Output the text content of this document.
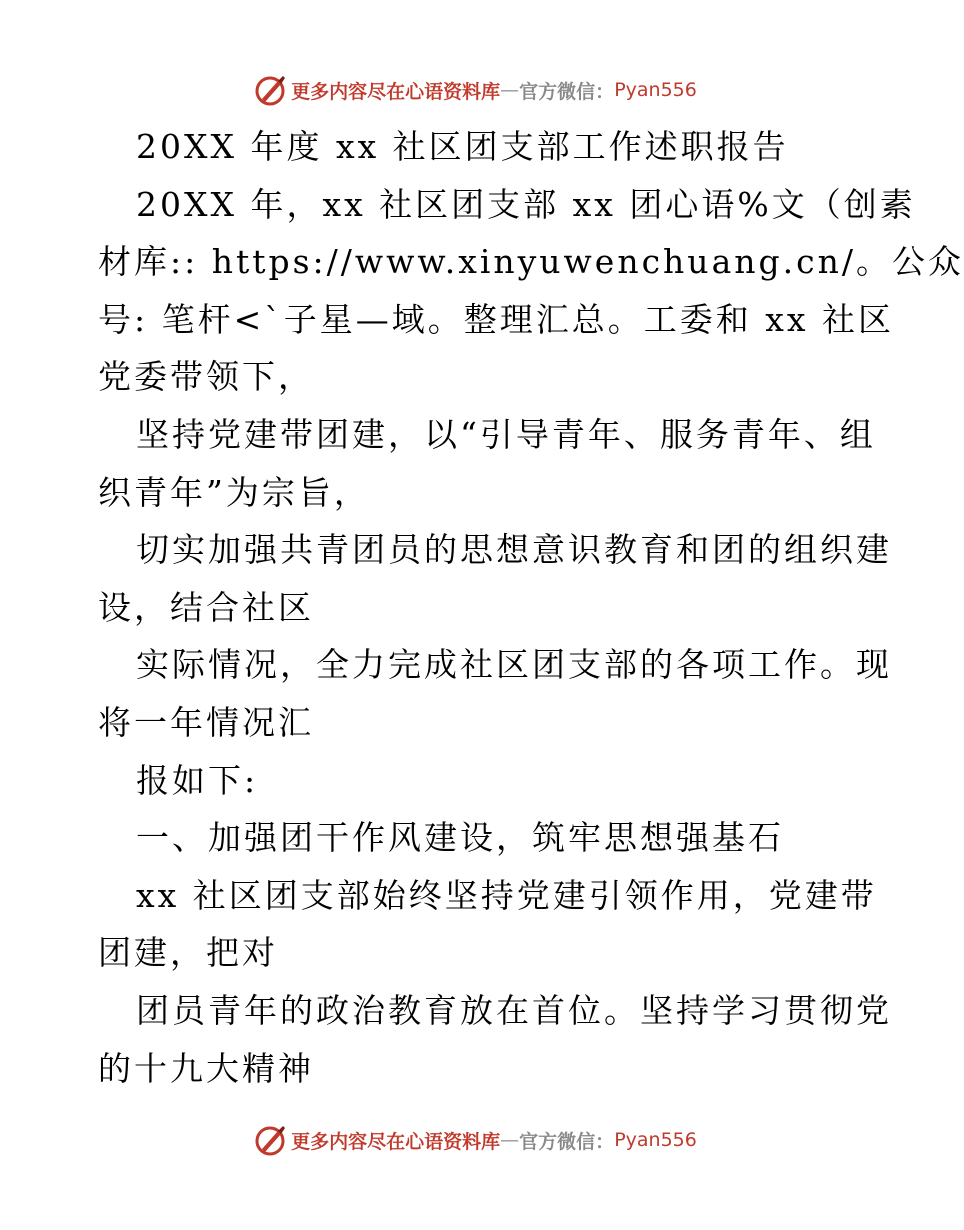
更多内容尽在心语资料库 — 官方微信： Pyan556
20XX 年度 xx 社区团支部工作述职报告
20XX 年，xx 社区团支部 xx 团心语%文（创素
材库:: https://www.xinyuwenchuang.cn/。公众
号: 笔杆<`子星—域。整理汇总。工委和 xx 社区
党委带领下，
坚持党建带团建，以“引导青年、服务青年、组
织青年”为宗旨，
切实加强共青团员的思想意识教育和团的组织建
设，结合社区
实际情况，全力完成社区团支部的各项工作。现
将一年情况汇
报如下:
一、加强团干作风建设，筑牢思想强基石
xx 社区团支部始终坚持党建引领作用，党建带
团建，把对
团员青年的政治教育放在首位。坚持学习贯彻党
的十九大精神
更多内容尽在心语资料库 — 官方微信： Pyan556
